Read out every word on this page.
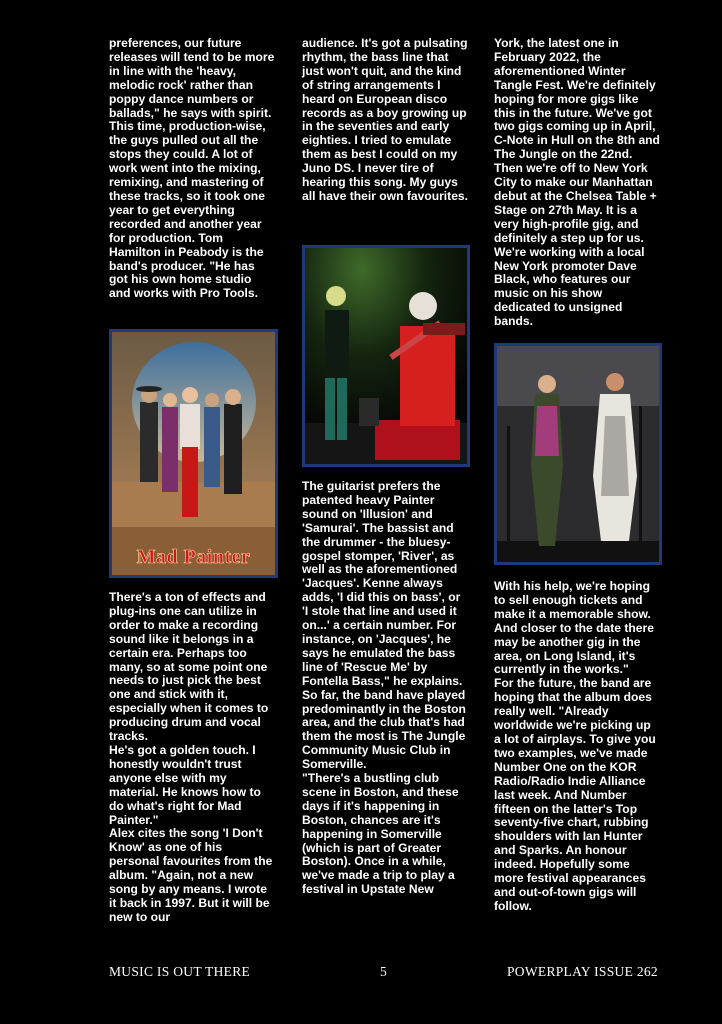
preferences, our future releases will tend to be more in line with the 'heavy, melodic rock' rather than poppy dance numbers or ballads," he says with spirit.

This time, production-wise, the guys pulled out all the stops they could. A lot of work went into the mixing, remixing, and mastering of these tracks, so it took one year to get everything recorded and another year for production. Tom Hamilton in Peabody is the band's producer. "He has got his own home studio and works with Pro Tools.

Mad Painter

There's a ton of effects and plug-ins one can utilize in order to make a recording sound like it belongs in a certain era. Perhaps too many, so at some point one needs to just pick the best one and stick with it, especially when it comes to producing drum and vocal tracks.

He's got a golden touch. I honestly wouldn't trust anyone else with my material. He knows how to do what's right for Mad Painter."

Alex cites the song 'I Don't Know' as one of his personal favourites from the album. "Again, not a new song by any means. I wrote it back in 1997. But it will be new to our

audience. It's got a pulsating rhythm, the bass line that just won't quit, and the kind of string arrangements I heard on European disco records as a boy growing up in the seventies and early eighties. I tried to emulate them as best I could on my Juno DS. I never tire of hearing this song. My guys all have their own favourites.

The guitarist prefers the patented heavy Painter sound on 'Illusion' and 'Samurai'. The bassist and the drummer - the bluesy-gospel stomper, 'River', as well as the aforementioned 'Jacques'. Kenne always adds, 'I did this on bass', or 'I stole that line and used it on...' a certain number. For instance, on 'Jacques', he says he emulated the bass line of 'Rescue Me' by Fontella Bass," he explains.

So far, the band have played predominantly in the Boston area, and the club that's had them the most is The Jungle Community Music Club in Somerville.

"There's a bustling club scene in Boston, and these days if it's happening in Boston, chances are it's happening in Somerville (which is part of Greater Boston). Once in a while, we've made a trip to play a festival in Upstate New

York, the latest one in February 2022, the aforementioned Winter Tangle Fest. We're definitely hoping for more gigs like this in the future. We've got two gigs coming up in April, C-Note in Hull on the 8th and The Jungle on the 22nd. Then we're off to New York City to make our Manhattan debut at the Chelsea Table + Stage on 27th May. It is a very high-profile gig, and definitely a step up for us. We're working with a local New York promoter Dave Black, who features our music on his show dedicated to unsigned bands.

With his help, we're hoping to sell enough tickets and make it a memorable show. And closer to the date there may be another gig in the area, on Long Island, it's currently in the works."

For the future, the band are hoping that the album does really well. "Already worldwide we're picking up a lot of airplays. To give you two examples, we've made Number One on the KOR Radio/Radio Indie Alliance last week. And Number fifteen on the latter's Top seventy-five chart, rubbing shoulders with Ian Hunter and Sparks. An honour indeed. Hopefully some more festival appearances and out-of-town gigs will follow.

MUSIC IS OUT THERE	5	POWERPLAY ISSUE 262
